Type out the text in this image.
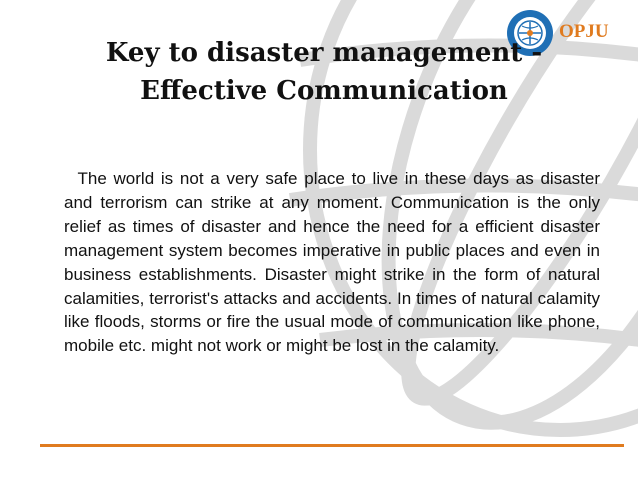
OPJU
Key to disaster management -
Effective Communication

The world is not a very safe place to live in these days as disaster and terrorism can strike at any moment. Communication is the only relief as times of disaster and hence the need for a efficient disaster management system becomes imperative in public places and even in business establishments. Disaster might strike in the form of natural calamities, terrorist's attacks and accidents. In times of natural calamity like floods, storms or fire the usual mode of communication like phone, mobile etc. might not work or might be lost in the calamity.
